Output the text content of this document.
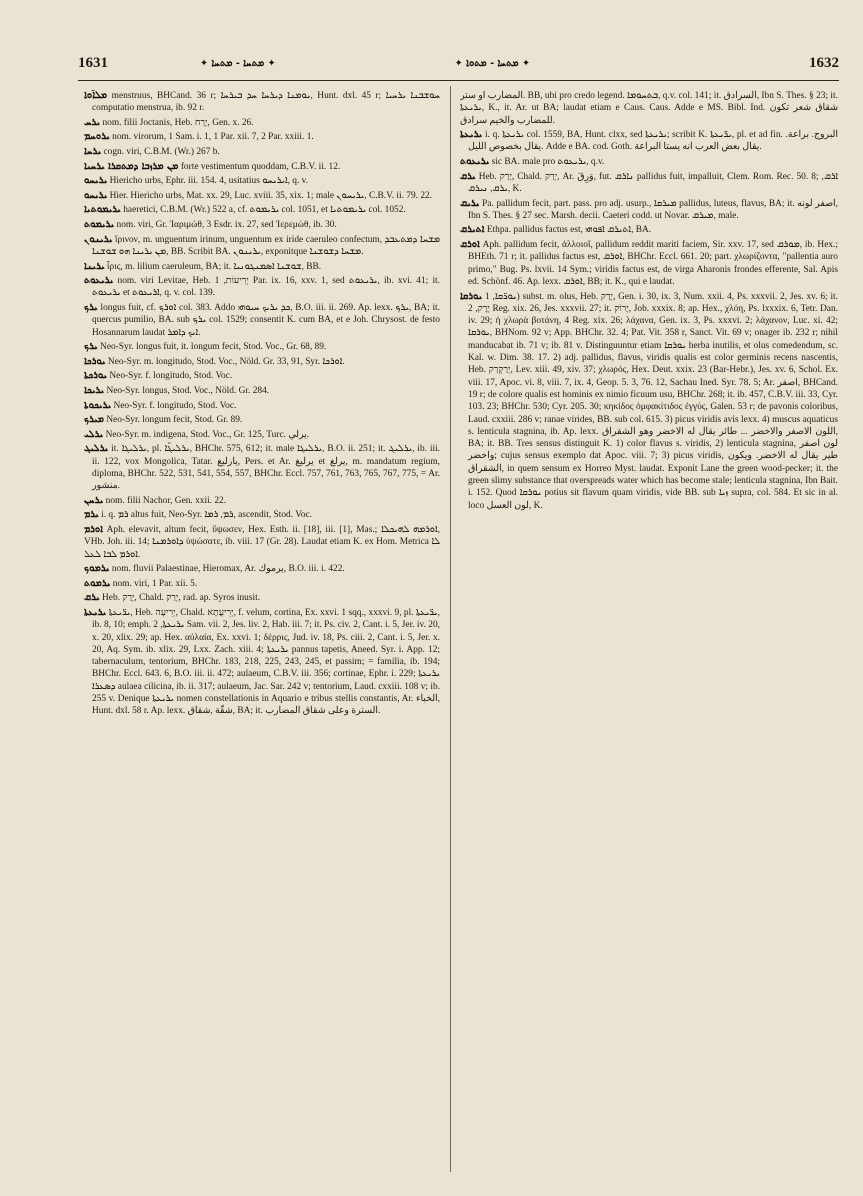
1631	✦ ܡܬܚܐ - ܡܬܚܐ ✦	✦ ܡܬܚܐ - ܡܬܘܐ ✦	1632

ܡܠܐ̈ܘܐ menstruus, BHCand. 36 r; ܝܘܡܢܐ ܕܝܪܚܐ ܚܕ ܒܝܪܚܐ, Hunt. dxl. 45 r; ܚܘܫܒܢܐ ܝܪܚܝܐ computatio menstrua, ib. 92 r.

ܝܪܚ nom. filii Joctanis, Heb. יֶרַח, Gen. x. 26.

ܝܪܘܚܡ nom. virorum, 1 Sam. i. 1, 1 Par. xii. 7, 2 Par. xxiii. 1.

ܝܪܚܐ cogn. viri, C.B.M. (Wr.) 267 b.

ܡܢ ܡܪܙܒܐ ܕܡܬܩܪܐ ܝܪܚܝܐ forte vestimentum quoddam, C.B.V. ii. 12.

ܝܪܝܚܘ Hiericho urbs, Ephr. iii. 154. 4, usitatius ܐܝܪܝܚܘ, q. v.

ܝܪܝܚܘ Hier. Hiericho urbs, Mat. xx. 29, Luc. xviii. 35, xix. 1; male ܝܪܝܚܘܢ, C.B.V. ii. 79. 22.

ܝܪܝܡܘܬܝܐ haeretici, C.B.M. (Wr.) 522 a, cf. ܝܪܝܡܘܬ col. 1051, et ܝܪܝܡܘܬܝܐ col. 1052.

ܝܪܝܡܘܬ nom. viri, Gr. Ἰαριμώθ, 3 Esdr. ix. 27, sed Ἱερεμώθ, ib. 30.

ܝܪܝܢܘܢ ἴρινον, m. unguentum irinum, unguentum ex iride caeruleo confectum, ܡܫܚܐ ܕܡܬܥܒܕ ܡܢ ܝܪܝܢܐ ܗܘ ܫܘܫܢܐ, BB. Scribit BA. ܝܪܝܢܘܢ, exponitque ܡܫܚܐ ܕܫܘܫܢܐ.

ܝܪܝܢܐ ἶρις, m. lilium caeruleum, BA; it. ܫܘܫܢܐ ܐܣܡܢܓܘܢܝܐ, BB.

ܝܪܝܥܘܬ nom. viri Levitae, Heb. יְרִיעוֹת, 1 Par. ix. 16, xxv. 1, sed ܝܪܝܥܘܬ, ib. xvi. 41; it. ܝܪܝܥܘܬ et ܐܪܝܥܘܬ, q. v. col. 139.

ܝܪܟ longus fuit, cf. ܐܘܪܟ col. 383. Addo ܟܕ ܝܪܝܟ ܚܝܘܗܝ, B.O. iii. ii. 269. Ap. lexx. ܝܪܟ, BA; it. quercus pumilio, BA. sub ܝܪܟ col. 1529; consentit K. cum BA, et e Joh. Chrysost. de festo Hosannarum laudat ܐܝܟ ܕܐܡܪ.

ܝܪܟ Neo-Syr. longus fuit, it. longum fecit, Stod. Voc., Gr. 68, 89.

ܝܘܪܟܐ Neo-Syr. m. longitudo, Stod. Voc., Nöld. Gr. 33, 91, Syr. ܐܘܪܟܐ.

ܝܘܪܟܬܐ Neo-Syr. f. longitudo, Stod. Voc.

ܝܪܝܟܐ Neo-Syr. longus, Stod. Voc., Nöld. Gr. 284.

ܝܪܝܟܘܬܐ Neo-Syr. f. longitudo, Stod. Voc.

ܡܝܪܟ Neo-Syr. longum fecit, Stod. Gr. 89.

ܝܪܠܝ Neo-Syr. m. indigena, Stod. Voc., Gr. 125, Turc. يرلي.

ܝܪܠܝܓ it. ܝܪܠܝܓܐ, pl. ܝܪܠܝܓ̈ܐ, BHChr. 575, 612; it. male ܝܪܠܝܓܐ, B.O. ii. 251; it. ܝܪܠܝܓ, ib. iii. ii. 122, vox Mongolica, Tatar. يارليغ, Pers. et Ar. يرليغ et يرلغ, m. mandatum regium, diploma, BHChr. 522, 531, 541, 554, 557, BHChr. Eccl. 757, 761, 763, 765, 767, 775, = Ar. منشور.

ܝܪܚܢ nom. filii Nachor, Gen. xxii. 22.

ܝܪܡ i. q. ܪܡ altus fuit, Neo-Syr. ܪܡ, ܪܡܐ, ascendit, Stod. Voc.

ܐܘܪܡ Aph. elevavit, altum fecit, ὕψωσεν, Hex. Esth. ii. [18], iii. [1], Mas.; ܐܘܪܡܗ ܠܗܝܟܠܐ, VHb. Joh. iii. 14; ܕܐܘܪܡܢܐ ὑψώσατε, ib. viii. 17 (Gr. 28). Laudat etiam K. ex Hom. Metrica ܠܐ ܐܘܪܡ ܠܒܐ ܠܥܠ.

ܝܪܡܘܟ nom. fluvii Palaestinae, Hieromax, Ar. يرموك, B.O. iii. i. 422.

ܝܪܡܘܬ nom. viri, 1 Par. xii. 5.

ܝܪܩ Heb. יָרַק, Chald. יְרַק, rad. ap. Syros inusit.

ܝܪܝܥܬܐ ܝܪ̈ܝܥܬܐ, Heb. יְרִיעָה, Chald. יְרִיעֲתָא, f. velum, cortina, Ex. xxvi. 1 sqq., xxxvi. 9, pl. ܝܪ̈ܝܥܬܐ, ib. 8, 10; emph. ܝܪܝܥܬܐ, 2 Sam. vii. 2, Jes. liv. 2, Hab. iii. 7; it. Ps. civ. 2, Cant. i. 5, Jer. iv. 20, x. 20, xlix. 29; ap. Hex. αὐλαία, Ex. xxvi. 1; δέρρις, Jud. iv. 18, Ps. ciii. 2, Cant. i. 5, Jer. x. 20, Aq. Sym. ib. xlix. 29, Lxx. Zach. xiii. 4; ܝܪܝܥܬܐ pannus tapetis, Aneed. Syr. i. App. 12; tabernaculum, tentorium, BHChr. 183, 218, 225, 243, 245, et passim; = familia, ib. 194; BHChr. Eccl. 643. 6, B.O. iii. ii. 472; aulaeum, C.B.V. iii. 356; cortinae, Ephr. i. 229; ܝܪܝܥܬܐ ܕܣܥܪܐ aulaea cilicina, ib. ii. 317; aulaeum, Jac. Sar. 242 v; tentorium, Laud. cxxiii. 108 v; ib. 255 v. Denique ܝܪܝܥܬܐ nomen constellationis in Aquario e tribus stellis constantis, Ar. الخباء, Hunt. dxl. 58 r. Ap. lexx. شقّة ,شقاق, BA; it. السترة وعلى شقاق المضارب.

المضارب او ستر. BB, ubi pro credo legend. ܒܬܚܘܡܐ, q.v. col. 141; it. السرادق, Ibn S. Thes. § 23; it. ܝܪܝܥܬܐ, K., it. Ar. ut BA; laudat etiam e Caus. Caus. Adde e MS. Bibl. Ind. شقاق شعر تكون للمضارب والخيم سرادق.

ܝܪܝܥܬܐ i. q. ܝܪܝܥܬܐ col. 1559, BA, Hunt. clxx, sed ܝܪܝܥܬܐ; scribit K. ܝܪ̈ܝܥܬܐ, pl. et ad fin. البروج. براعة. يقال بخصوص الليل. Adde e BA. cod. Goth. يقال بعض العرب انه يستا البراعة.

ܝܪܝܥܘܬ sic BA. male pro ܝܪܝܥܘܬ, q.v.

ܝܪܩ Heb. יָרַק, Chald. יְרַק, Ar. وَرِقَ, fut. ܢܐܪܩ pallidus fuit, impalluit, Clem. Rom. Rec. 50. 8; ܐܪܩ, ܝܪܩ, ܢܝܪܩ, K.

ܝܪܝܩ Pa. pallidum fecit, part. pass. pro adj. usurp., ܡܝܪܩܐ pallidus, luteus, flavus, BA; it. اصفر لونه, Ibn S. Thes. § 27 sec. Marsh. decii. Caeteri codd. ut Novar. ܡܝܪܩ, male.

ܐܬܝܪܩ Ethpa. pallidus factus est, ܐܬܝܪܩ ܐܦܘܗܝ, BA.

ܐܘܪܩ Aph. pallidum fecit, ἀλλοιοῖ, pallidum reddit mariti faciem, Sir. xxv. 17, sed ܡܘܪܩ, ib. Hex.; BHEth. 71 r; it. pallidus factus est, ܐܘܪܩ, BHChr. Eccl. 661. 20; part. χλωρίζοντα, "pallentia auro primo," Bug. Ps. lxvii. 14 Sym.; viridis factus est, de virga Aharonis frondes efferente, Sal. Apis ed. Schönf. 46. Ap. lexx. ܐܘܪܩ, BB; it. K., qui e laudat.

ܝܘܪܩܐ ܝܘܪ̈ܩܐ, 1) subst. m. olus, Heb. יָרָק, Gen. i. 30, ix. 3, Num. xxii. 4, Ps. xxxvii. 2, Jes. xv. 6; it. יֶרֶק, 2 Reg. xix. 26, Jes. xxxvii. 27; it. יָרוֹק, Job. xxxix. 8; ap. Hex., χλόη, Ps. lxxxix. 6, Tetr. Dan. iv. 29; ἡ χλωρὰ βοτάνη, 4 Reg. xix. 26; λάχανα, Gen. ix. 3, Ps. xxxvi. 2; λάχανον, Luc. xi. 42; ܝܘܪܩܐ, BHNom. 92 v; App. BHChr. 32. 4; Pat. Vit. 358 r, Sanct. Vit. 69 v; onager ib. 232 r; nihil manducabat ib. 71 v; ib. 81 v. Distinguuntur etiam ܝܘܪܩܐ herba inutilis, et olus comedendum, sc. Kal. w. Dim. 38. 17. 2) adj. pallidus, flavus, viridis qualis est color germinis recens nascentis, Heb. יְרַקְרַק, Lev. xiii. 49, xiv. 37; χλωρός, Hex. Deut. xxix. 23 (Bar-Hebr.), Jes. xv. 6, Schol. Ex. viii. 17, Apoc. vi. 8, viii. 7, ix. 4, Geop. 5. 3, 76. 12, Sachau Ined. Syr. 78. 5; Ar. اصفر, BHCand. 19 r; de colore qualis est hominis ex nimio ficuum usu, BHChr. 268; it. ib. 457, C.B.V. iii. 33, Cyr. 103. 23; BHChr. 530; Cyr. 205. 30; κηκίδος ὀμφακίτιδος ἐγγύς, Galen. 53 r; de pavonis coloribus, Laud. cxxiii. 286 v; ranae virides, BB. sub col. 615. 3) picus viridis avis lexx. 4) muscus aquaticus s. lenticula stagnina, ib. Ap. lexx. اللون الاصفر والاخضر ... طائر يقال له الاخضر وهو الشقراق, BA; it. BB. Tres sensus distinguit K. 1) color flavus s. viridis, 2) lenticula stagnina, لون اصفر واخضر; cujus sensus exemplo dat Apoc. viii. 7; 3) picus viridis, طير يقال له الاخضر. ويكون الشقراق, in quem sensum ex Horreo Myst. laudat. Exponit Lane the green wood-pecker; it. the green slimy substance that overspreads water which has become stale; lenticula stagnina, Ibn Bait. i. 152. Quod ܝܘܪܩܐ potius sit flavum quam viridis, vide BB. sub ܙܝܐ supra, col. 584. Et sic in al. loco لون العسل, K.
